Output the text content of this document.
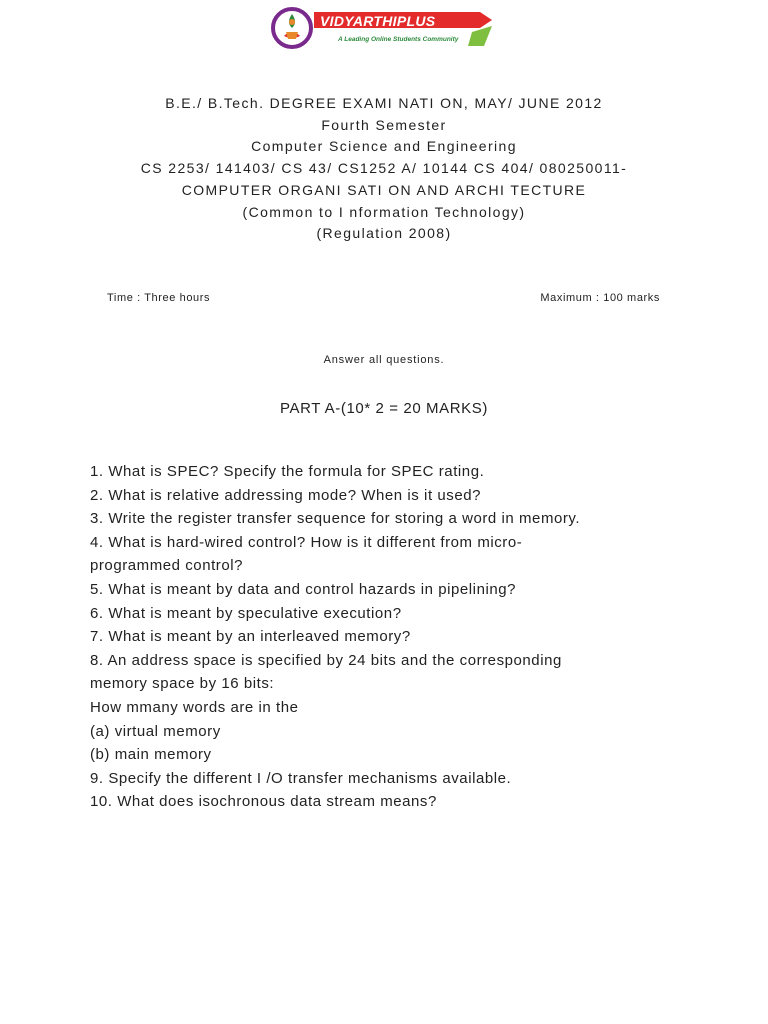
VIDYARTHIPLUS
A Leading Online Students Community
B.E./ B.Tech. DEGREE EXAMI NATI ON, MAY/ JUNE 2012
Fourth Semester
Computer Science and Engineering
CS 2253/ 141403/ CS 43/ CS1252 A/ 10144 CS 404/ 080250011-
COMPUTER ORGANI SATI ON AND ARCHI TECTURE
(Common to I nformation Technology)
(Regulation 2008)
Time : Three hours	Maximum : 100 marks
Answer all questions.
PART A-(10* 2 = 20 MARKS)
1. What is SPEC? Specify the formula for SPEC rating.
2. What is relative addressing mode? When is it used?
3. Write the register transfer sequence for storing a word in memory.
4. What is hard-wired control? How is it different from micro-
programmed control?
5. What is meant by data and control hazards in pipelining?
6. What is meant by speculative execution?
7. What is meant by an interleaved memory?
8. An address space is specified by 24 bits and the corresponding
memory space by 16 bits:
How mmany words are in the
(a) virtual memory
(b) main memory
9. Specify the different I /O transfer mechanisms available.
10. What does isochronous data stream means?
